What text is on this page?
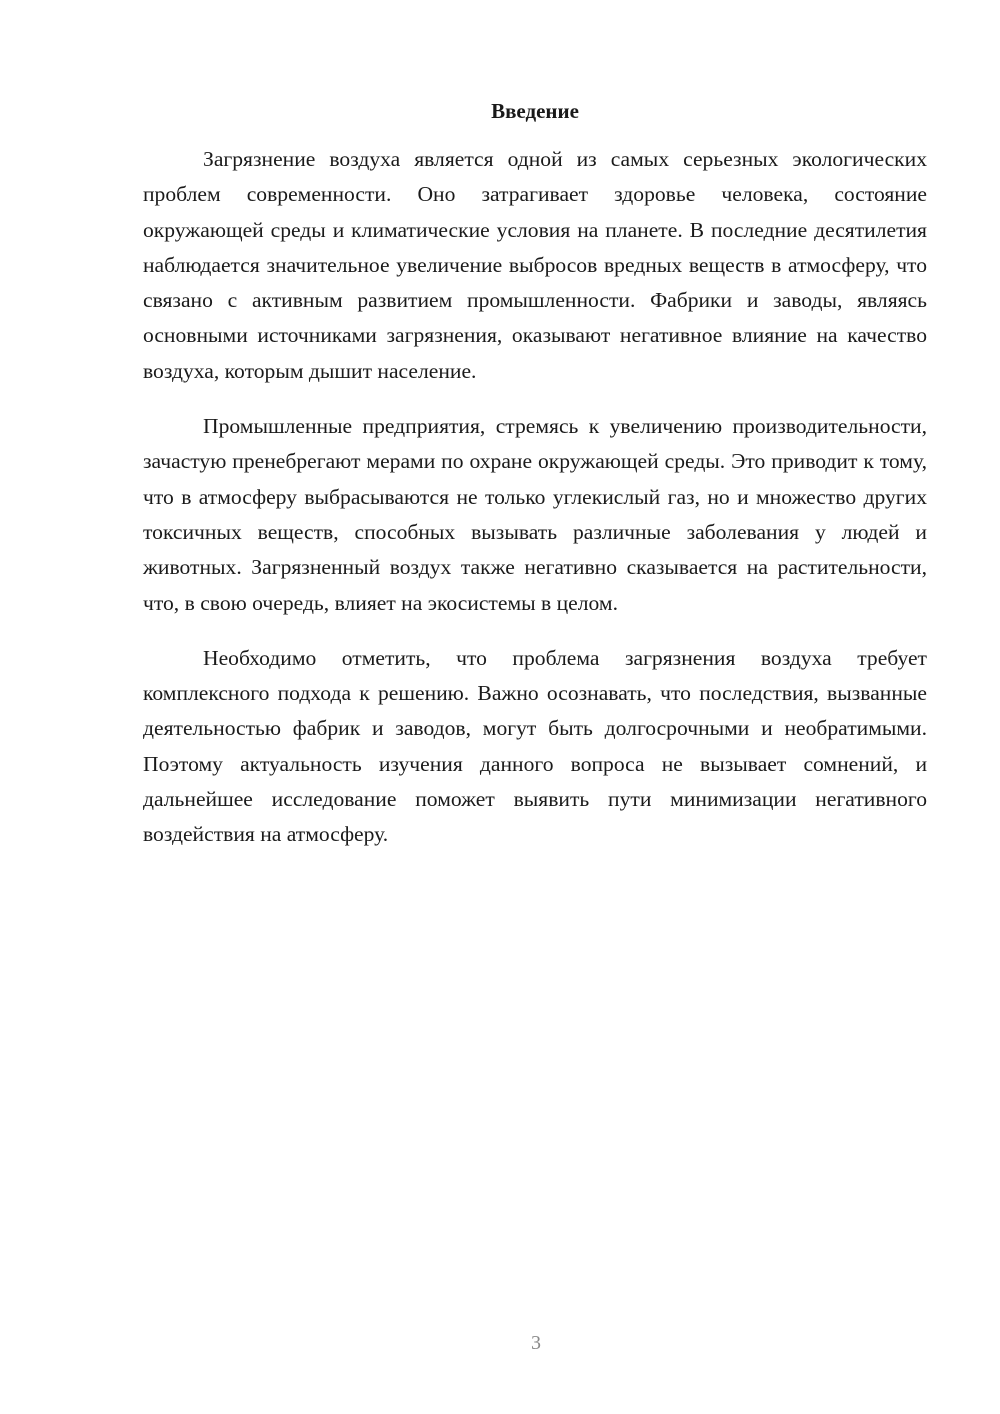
Введение

Загрязнение воздуха является одной из самых серьезных экологических проблем современности. Оно затрагивает здоровье человека, состояние окружающей среды и климатические условия на планете. В последние десятилетия наблюдается значительное увеличение выбросов вредных веществ в атмосферу, что связано с активным развитием промышленности. Фабрики и заводы, являясь основными источниками загрязнения, оказывают негативное влияние на качество воздуха, которым дышит население.

Промышленные предприятия, стремясь к увеличению производительности, зачастую пренебрегают мерами по охране окружающей среды. Это приводит к тому, что в атмосферу выбрасываются не только углекислый газ, но и множество других токсичных веществ, способных вызывать различные заболевания у людей и животных. Загрязненный воздух также негативно сказывается на растительности, что, в свою очередь, влияет на экосистемы в целом.

Необходимо отметить, что проблема загрязнения воздуха требует комплексного подхода к решению. Важно осознавать, что последствия, вызванные деятельностью фабрик и заводов, могут быть долгосрочными и необратимыми. Поэтому актуальность изучения данного вопроса не вызывает сомнений, и дальнейшее исследование поможет выявить пути минимизации негативного воздействия на атмосферу.

3
